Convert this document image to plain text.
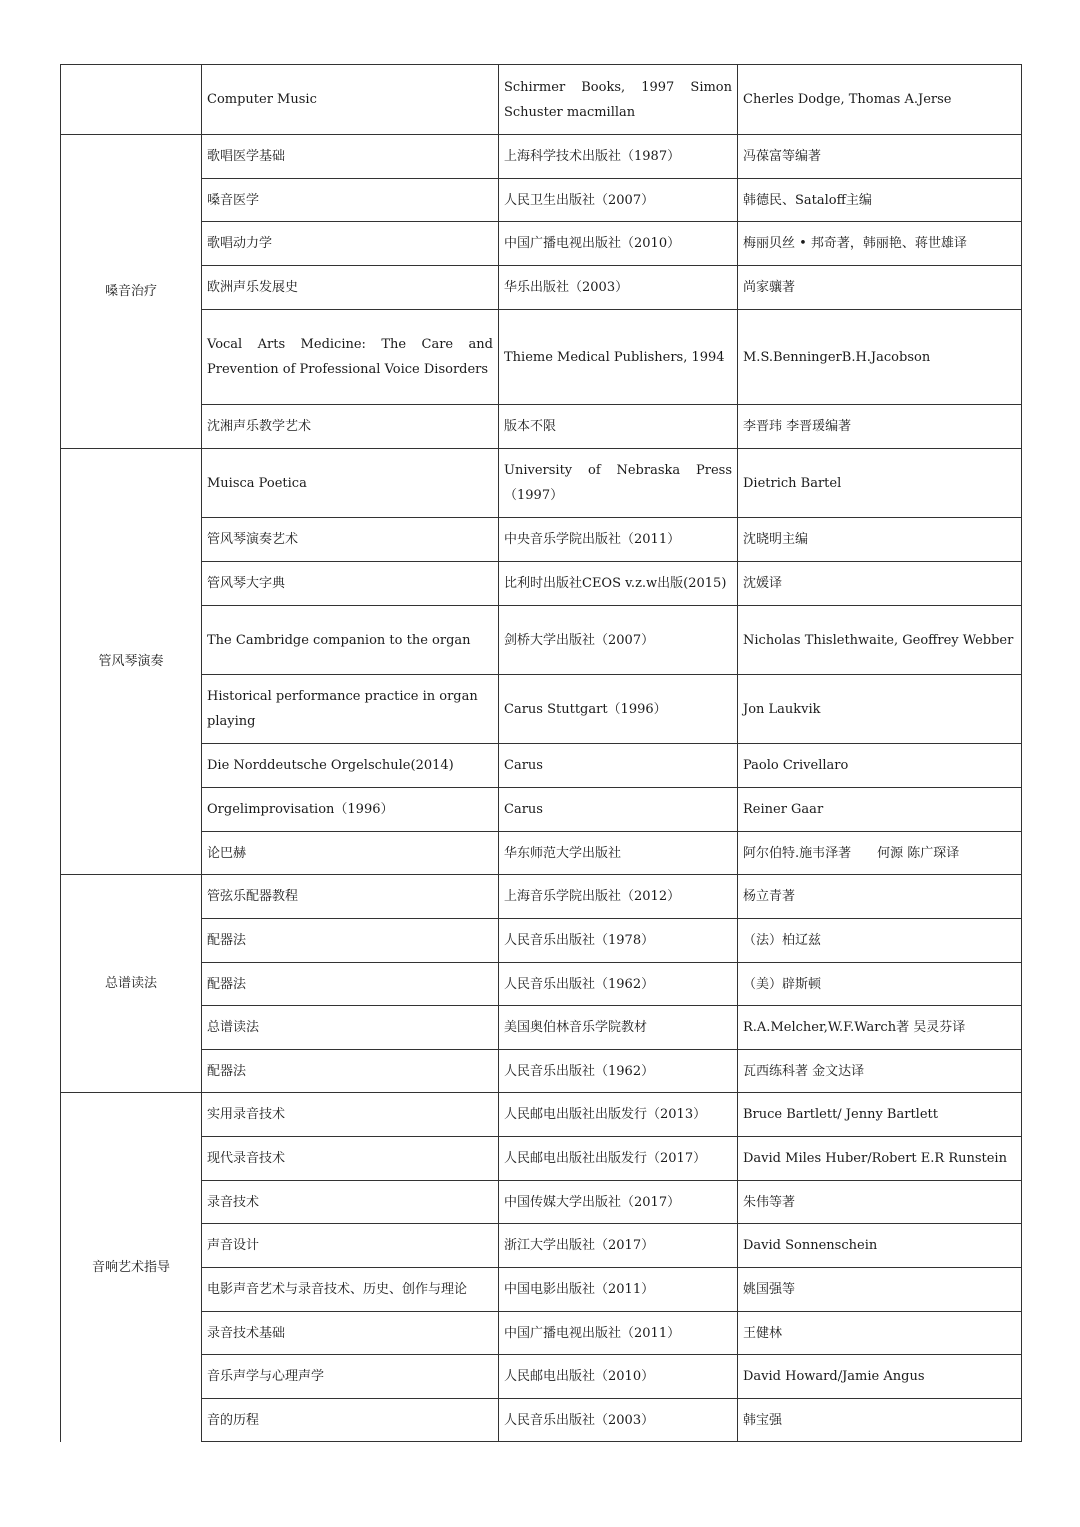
	Computer Music	Schirmer Books, 1997 Simon Schuster macmillan	Cherles Dodge, Thomas A.Jerse
嗓音治疗	歌唱医学基础	上海科学技术出版社（1987）	冯葆富等编著
	嗓音医学	人民卫生出版社（2007）	韩德民、Sataloff主编
	歌唱动力学	中国广播电视出版社（2010）	梅丽贝丝 • 邦奇著，韩丽艳、蒋世雄译
	欧洲声乐发展史	华乐出版社（2003）	尚家骧著
	Vocal Arts Medicine: The Care and Prevention of Professional Voice Disorders	Thieme Medical Publishers, 1994	M.S.BenningerB.H.Jacobson
	沈湘声乐教学艺术	版本不限	李晋玮 李晋瑗编著
管风琴演奏	Muisca Poetica	University of Nebraska Press （1997）	Dietrich Bartel
	管风琴演奏艺术	中央音乐学院出版社（2011）	沈晓明主编
	管风琴大字典	比利时出版社CEOS v.z.w出版(2015)	沈媛译
	The Cambridge companion to the organ	剑桥大学出版社（2007）	Nicholas Thislethwaite, Geoffrey Webber
	Historical performance practice in organ playing	Carus Stuttgart（1996）	Jon Laukvik
	Die Norddeutsche Orgelschule(2014)	Carus	Paolo Crivellaro
	Orgelimprovisation（1996）	Carus	Reiner Gaar
	论巴赫	华东师范大学出版社	阿尔伯特.施韦泽著　　何源 陈广琛译
总谱读法	管弦乐配器教程	上海音乐学院出版社（2012）	杨立青著
	配器法	人民音乐出版社（1978）	（法）柏辽兹
	配器法	人民音乐出版社（1962）	（美）辟斯顿
	总谱读法	美国奥伯林音乐学院教材	R.A.Melcher,W.F.Warch著 吴灵芬译
	配器法	人民音乐出版社（1962）	瓦西练科著 金文达译
音响艺术指导	实用录音技术	人民邮电出版社出版发行（2013）	Bruce Bartlett/ Jenny Bartlett
	现代录音技术	人民邮电出版社出版发行（2017）	David Miles Huber/Robert E.R Runstein
	录音技术	中国传媒大学出版社（2017）	朱伟等著
	声音设计	浙江大学出版社（2017）	David Sonnenschein
	电影声音艺术与录音技术、历史、创作与理论	中国电影出版社（2011）	姚国强等
	录音技术基础	中国广播电视出版社（2011）	王健林
	音乐声学与心理声学	人民邮电出版社（2010）	David Howard/Jamie Angus
	音的历程	人民音乐出版社（2003）	韩宝强
